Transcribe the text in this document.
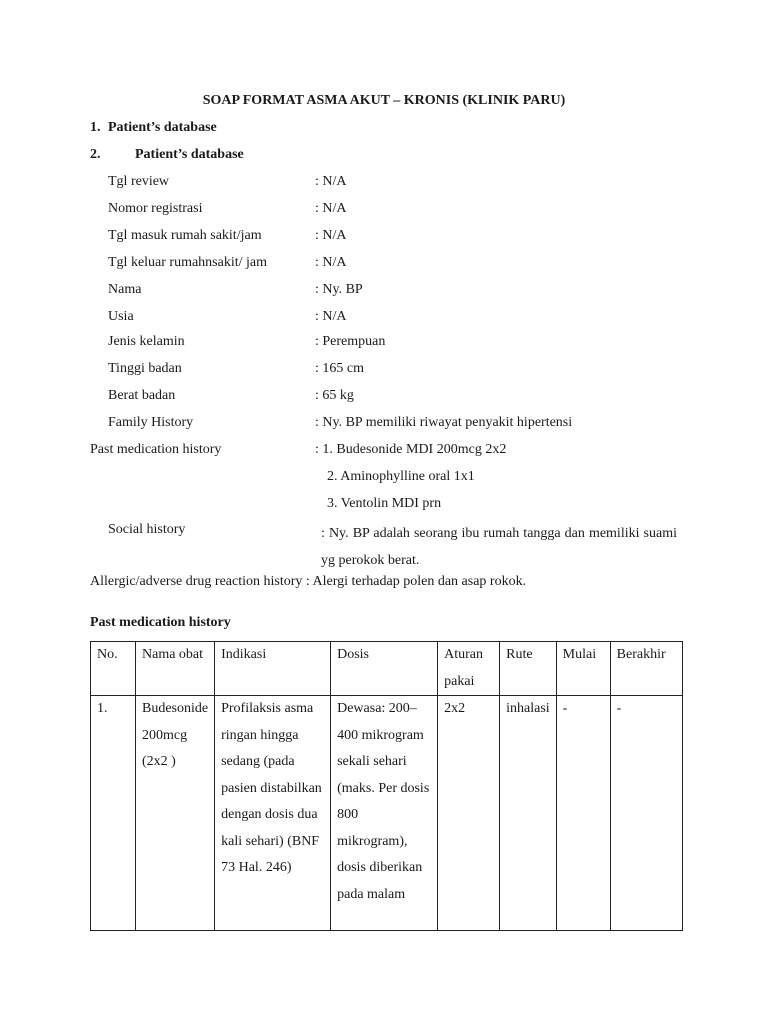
SOAP FORMAT ASMA AKUT – KRONIS (KLINIK PARU)
1. Patient’s database
2. Patient’s database
Tgl review	: N/A
Nomor registrasi	: N/A
Tgl masuk rumah sakit/jam	: N/A
Tgl keluar rumahnsakit/ jam	: N/A
Nama	: Ny. BP
Usia	: N/A
Jenis kelamin	: Perempuan
Tinggi badan	: 165 cm
Berat badan	: 65 kg
Family History	: Ny. BP memiliki riwayat penyakit hipertensi
Past medication history	: 1. Budesonide MDI 200mcg 2x2
2. Aminophylline oral 1x1
3. Ventolin MDI prn
Social history	: Ny. BP adalah seorang ibu rumah tangga dan memiliki suami yg perokok berat.
Allergic/adverse drug reaction history : Alergi terhadap polen dan asap rokok.
Past medication history
No.	Nama obat	Indikasi	Dosis	Aturan pakai	Rute	Mulai	Berakhir

1.	Budesonide 200mcg (2x2 )	Profilaksis asma ringan hingga sedang (pada pasien distabilkan dengan dosis dua kali sehari) (BNF 73 Hal. 246)	Dewasa: 200–400 mikrogram sekali sehari (maks. Per dosis 800 mikrogram), dosis diberikan pada malam	2x2	inhalasi	-	-
